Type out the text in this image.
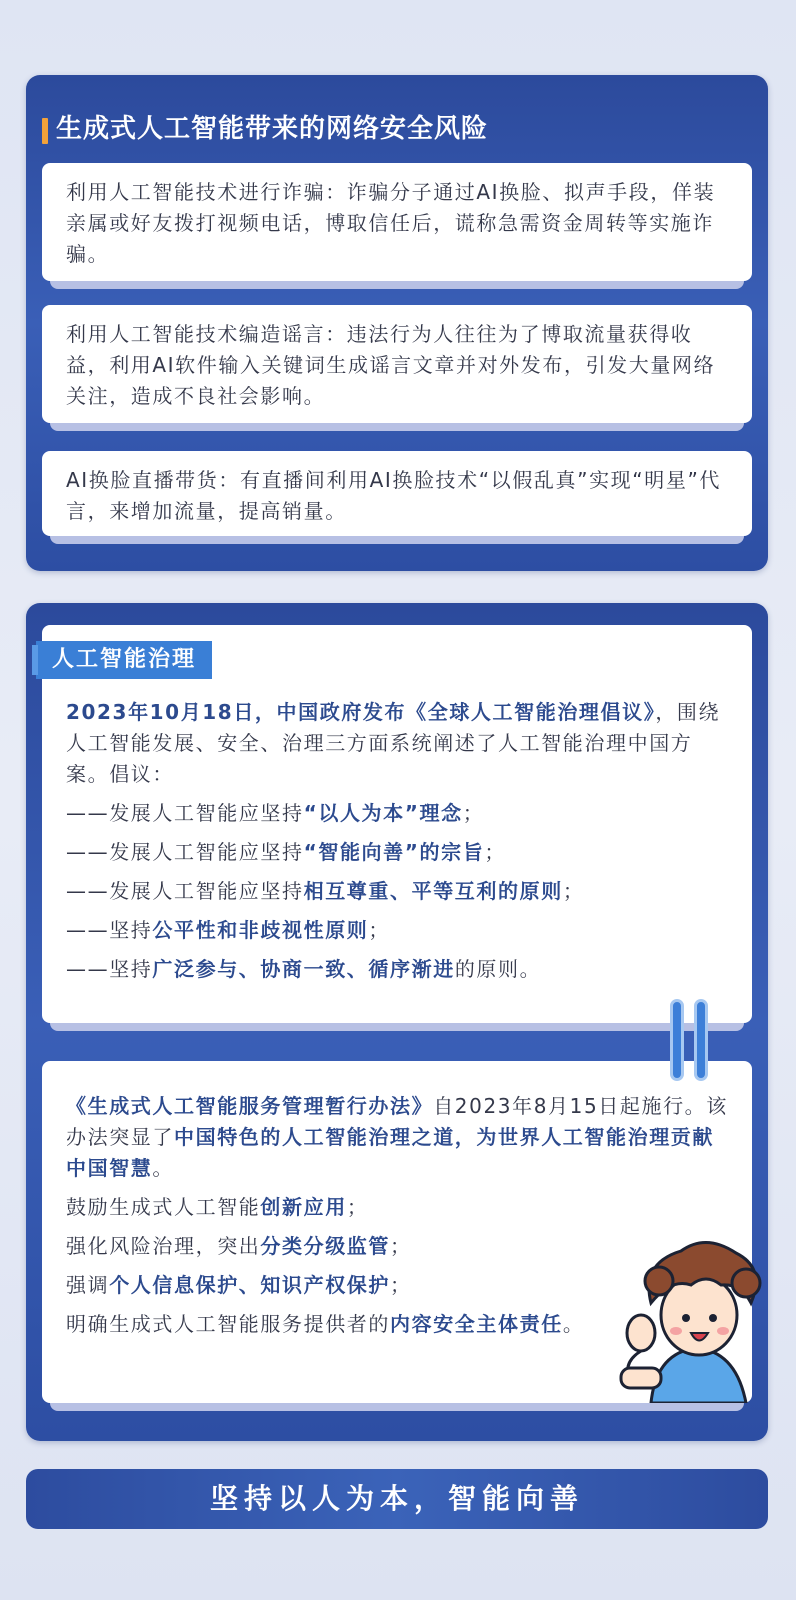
生成式人工智能带来的网络安全风险
利用人工智能技术进行诈骗：诈骗分子通过AI换脸、拟声手段，佯装亲属或好友拨打视频电话，博取信任后，谎称急需资金周转等实施诈骗。
利用人工智能技术编造谣言：违法行为人往往为了博取流量获得收益，利用AI软件输入关键词生成谣言文章并对外发布，引发大量网络关注，造成不良社会影响。
AI换脸直播带货：有直播间利用AI换脸技术“以假乱真”实现“明星”代言，来增加流量，提高销量。
人工智能治理
2023年10月18日，中国政府发布《全球人工智能治理倡议》，围绕人工智能发展、安全、治理三方面系统阐述了人工智能治理中国方案。倡议：
——发展人工智能应坚持“以人为本”理念；
——发展人工智能应坚持“智能向善”的宗旨；
——发展人工智能应坚持相互尊重、平等互利的原则；
——坚持公平性和非歧视性原则；
——坚持广泛参与、协商一致、循序渐进的原则。
《生成式人工智能服务管理暂行办法》自2023年8月15日起施行。该办法突显了中国特色的人工智能治理之道，为世界人工智能治理贡献中国智慧。
鼓励生成式人工智能创新应用；
强化风险治理，突出分类分级监管；
强调个人信息保护、知识产权保护；
明确生成式人工智能服务提供者的内容安全主体责任。
坚持以人为本，智能向善
